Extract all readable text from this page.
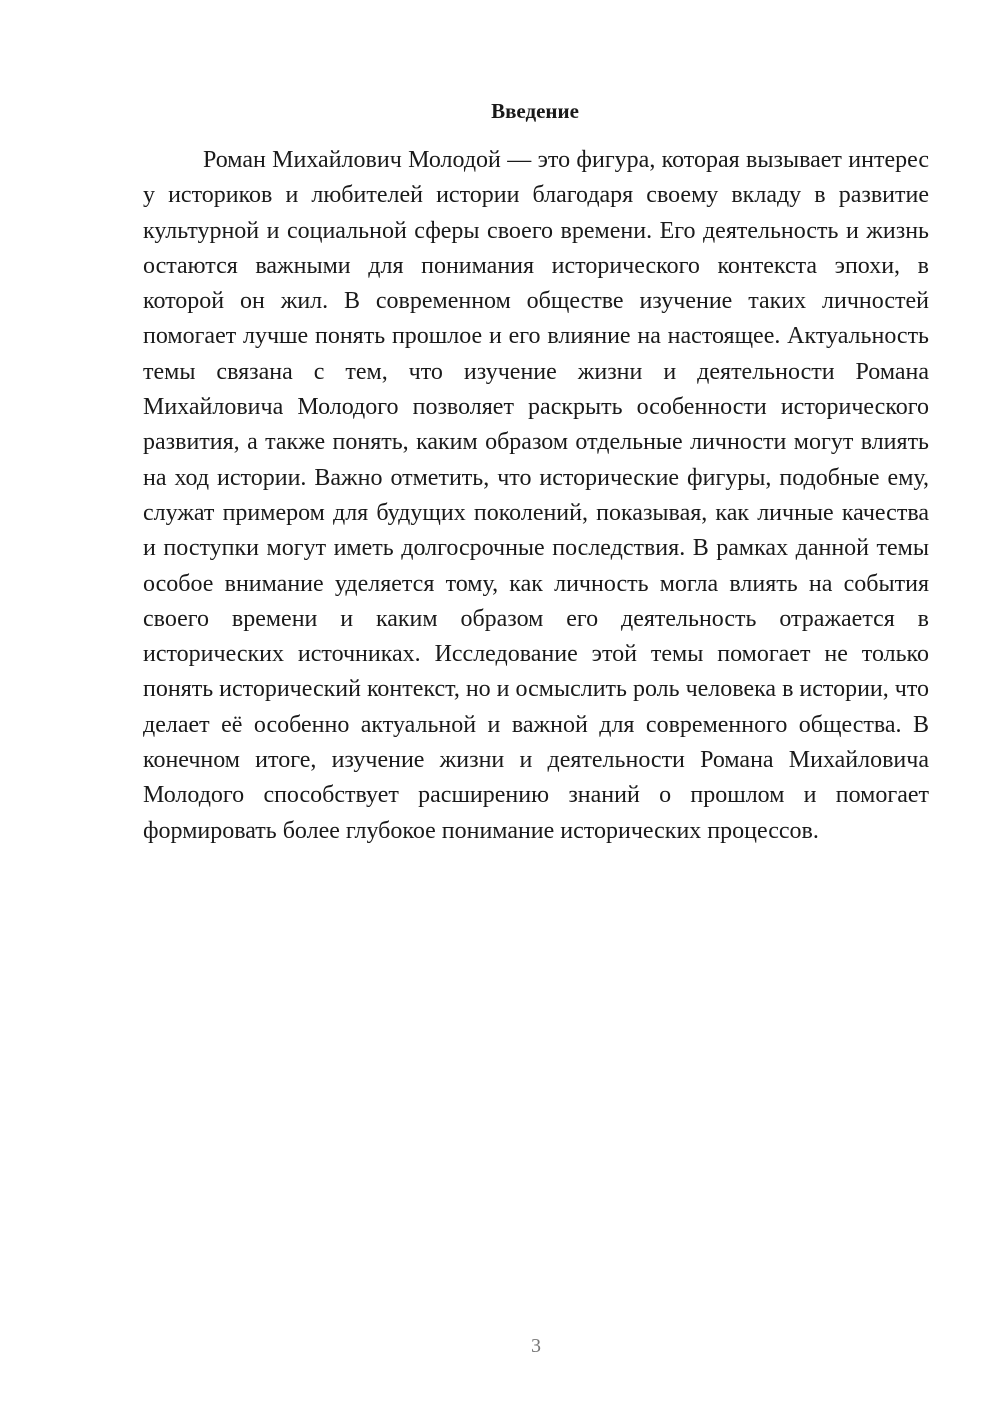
Введение

Роман Михайлович Молодой — это фигура, которая вызывает интерес у историков и любителей истории благодаря своему вкладу в развитие культурной и социальной сферы своего времени. Его деятельность и жизнь остаются важными для понимания исторического контекста эпохи, в которой он жил. В современном обществе изучение таких личностей помогает лучше понять прошлое и его влияние на настоящее. Актуальность темы связана с тем, что изучение жизни и деятельности Романа Михайловича Молодого позволяет раскрыть особенности исторического развития, а также понять, каким образом отдельные личности могут влиять на ход истории. Важно отметить, что исторические фигуры, подобные ему, служат примером для будущих поколений, показывая, как личные качества и поступки могут иметь долгосрочные последствия. В рамках данной темы особое внимание уделяется тому, как личность могла влиять на события своего времени и каким образом его деятельность отражается в исторических источниках. Исследование этой темы помогает не только понять исторический контекст, но и осмыслить роль человека в истории, что делает её особенно актуальной и важной для современного общества. В конечном итоге, изучение жизни и деятельности Романа Михайловича Молодого способствует расширению знаний о прошлом и помогает формировать более глубокое понимание исторических процессов.

3
